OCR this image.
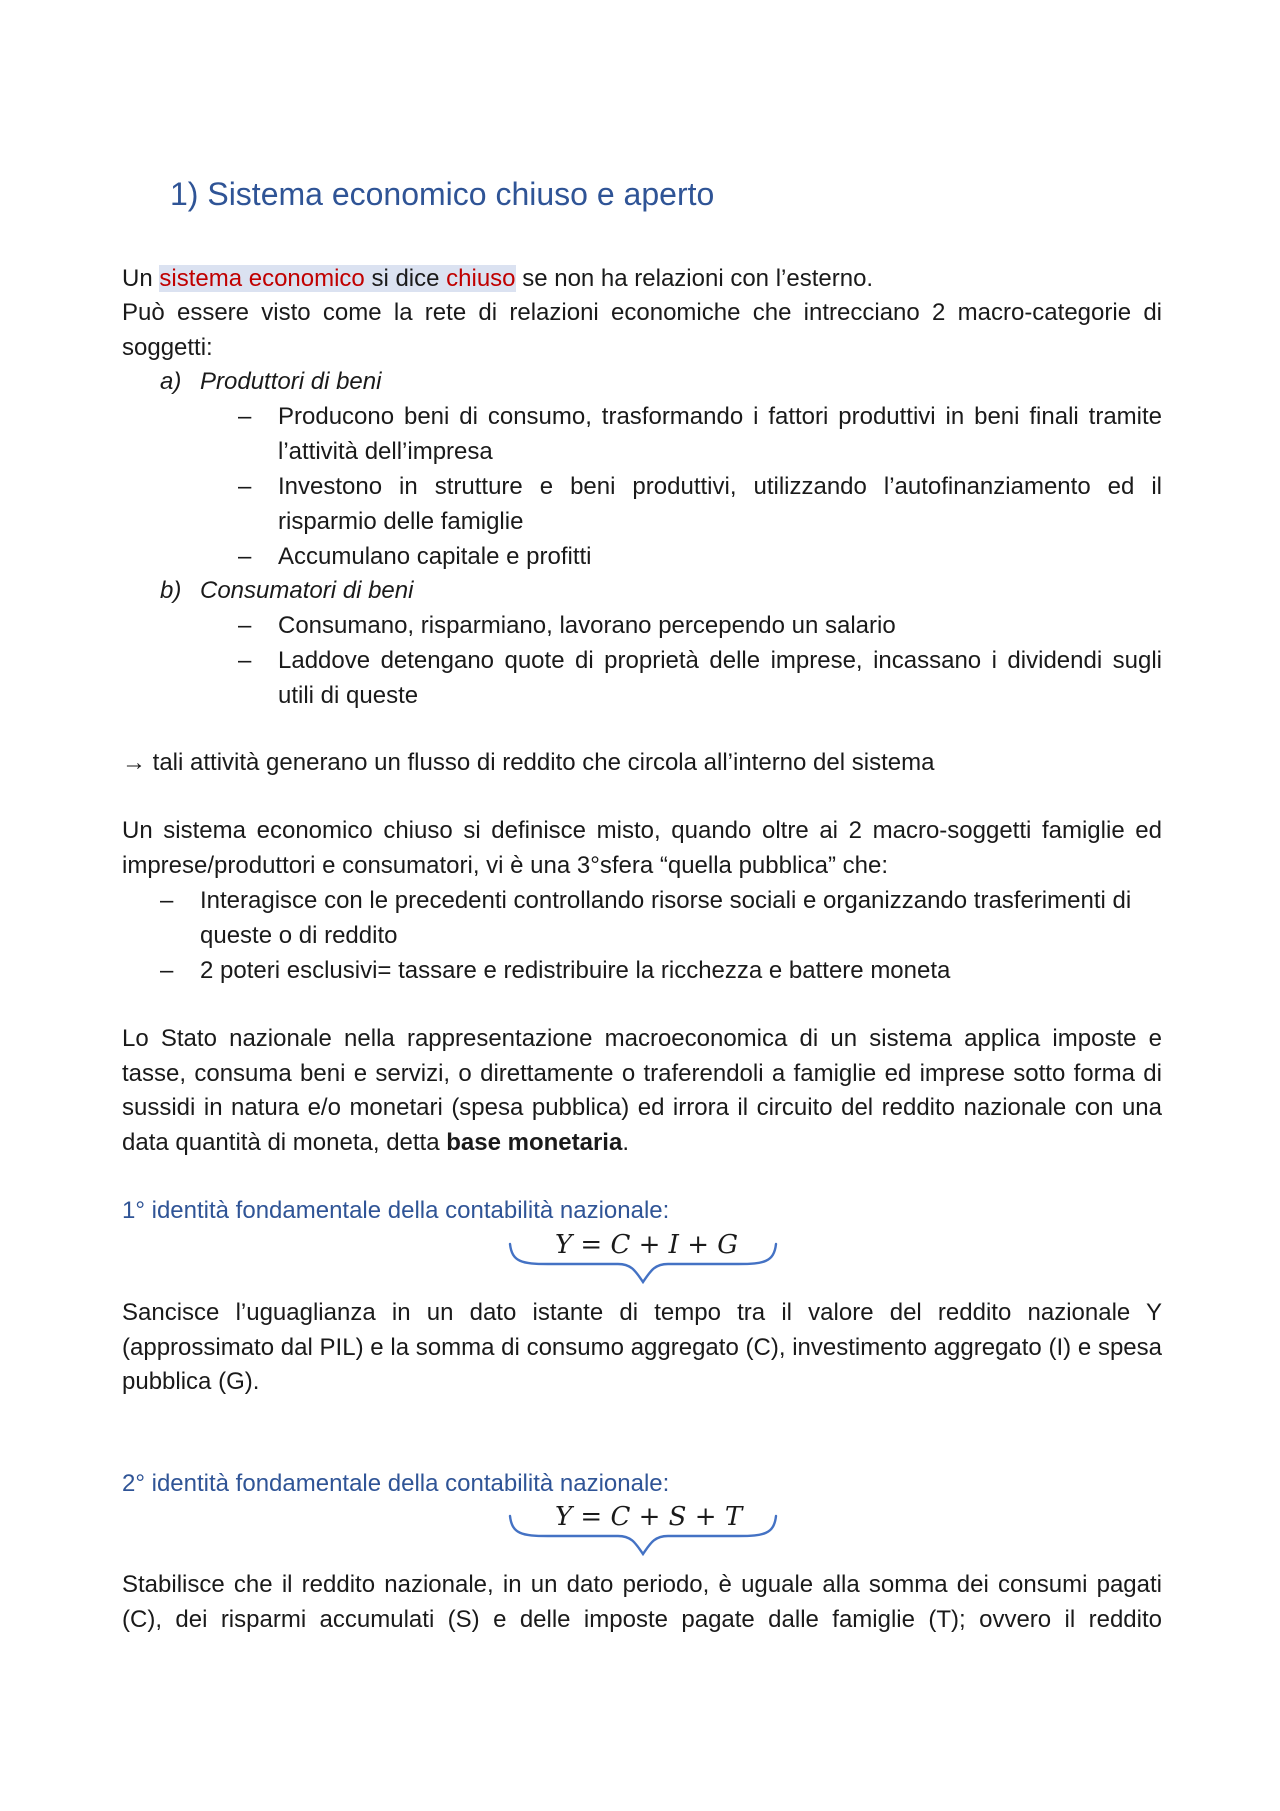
1) Sistema economico chiuso e aperto

Un sistema economico si dice chiuso se non ha relazioni con l’esterno.

Può essere visto come la rete di relazioni economiche che intrecciano 2 macro-categorie di soggetti:

a) Produttori di beni
– Producono beni di consumo, trasformando i fattori produttivi in beni finali tramite l’attività dell’impresa

– Investono in strutture e beni produttivi, utilizzando l’autofinanziamento ed il risparmio delle famiglie

– Accumulano capitale e profitti

b) Consumatori di beni
– Consumano, risparmiano, lavorano percependo un salario

– Laddove detengano quote di proprietà delle imprese, incassano i dividendi sugli utili di queste

→ tali attività generano un flusso di reddito che circola all’interno del sistema

Un sistema economico chiuso si definisce misto, quando oltre ai 2 macro-soggetti famiglie ed imprese/produttori e consumatori, vi è una 3°sfera “quella pubblica” che:

– Interagisce con le precedenti controllando risorse sociali e organizzando trasferimenti di queste o di reddito

– 2 poteri esclusivi= tassare e redistribuire la ricchezza e battere moneta

Lo Stato nazionale nella rappresentazione macroeconomica di un sistema applica imposte e tasse, consuma beni e servizi, o direttamente o traferendoli a famiglie ed imprese sotto forma di sussidi in natura e/o monetari (spesa pubblica) ed irrora il circuito del reddito nazionale con una data quantità di moneta, detta base monetaria.

1° identità fondamentale della contabilità nazionale:

Y = C + I + G

Sancisce l’uguaglianza in un dato istante di tempo tra il valore del reddito nazionale Y (approssimato dal PIL) e la somma di consumo aggregato (C), investimento aggregato (I) e spesa pubblica (G).

2° identità fondamentale della contabilità nazionale:

Y = C + S + T

Stabilisce che il reddito nazionale, in un dato periodo, è uguale alla somma dei consumi pagati (C), dei risparmi accumulati (S) e delle imposte pagate dalle famiglie (T); ovvero il reddito
